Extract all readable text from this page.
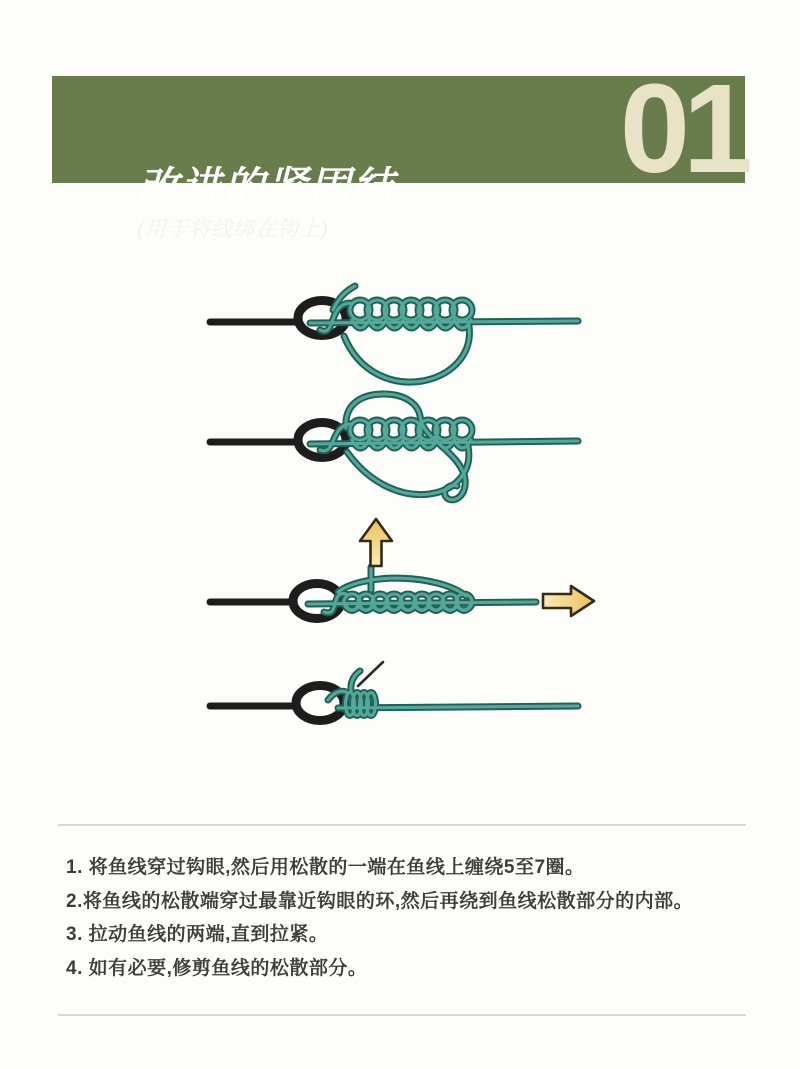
改进的紧固结

(用于将线绑在钩上)

01

1. 将鱼线穿过钩眼,然后用松散的一端在鱼线上缠绕5至7圈。

2.将鱼线的松散端穿过最靠近钩眼的环,然后再绕到鱼线松散部分的内部。

3. 拉动鱼线的两端,直到拉紧。

4. 如有必要,修剪鱼线的松散部分。
